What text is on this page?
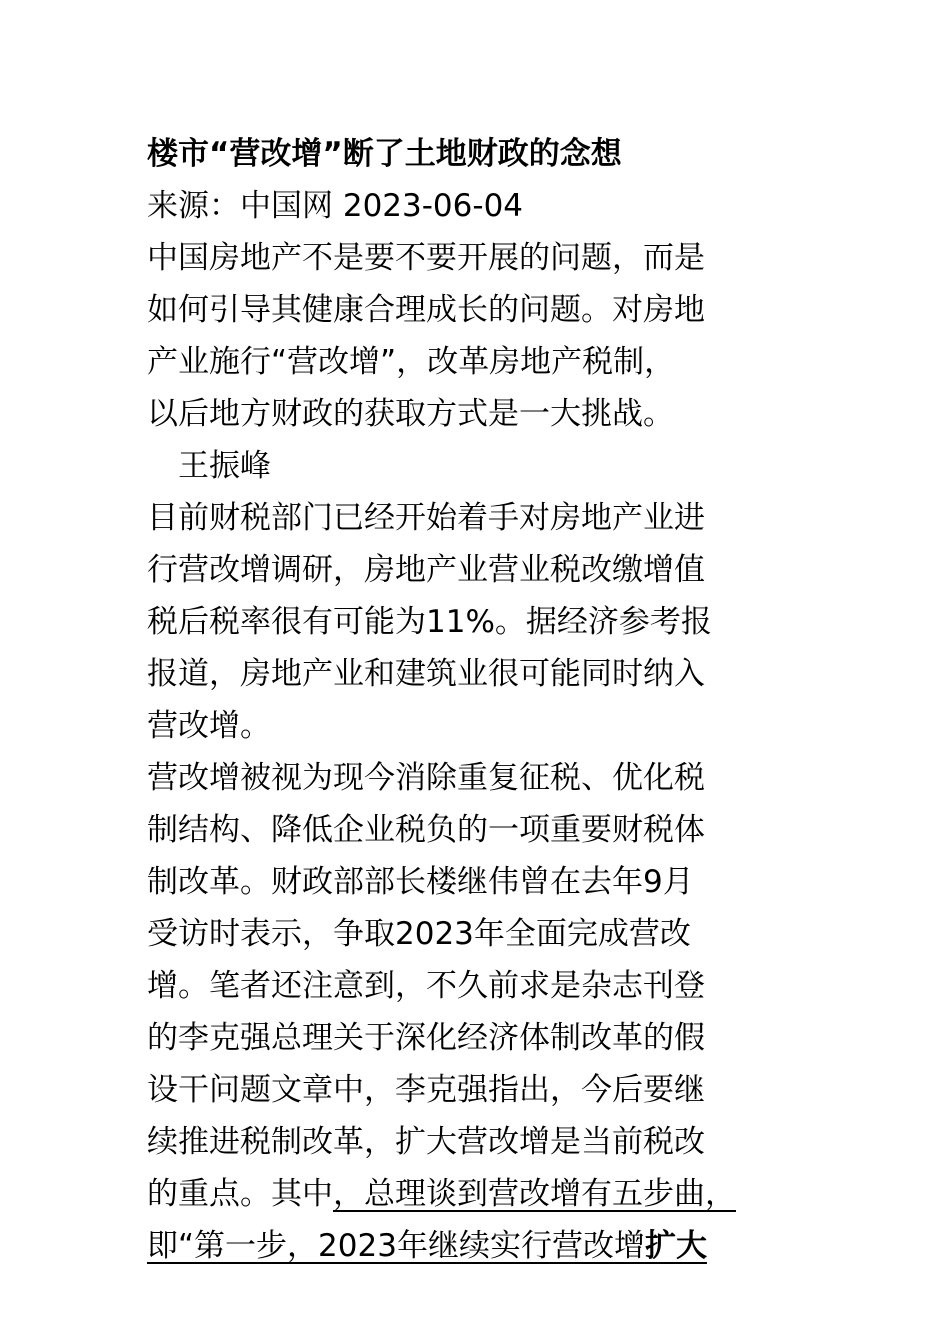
楼市“营改增”断了土地财政的念想
来源：中国网 2023-06-04
中国房地产不是要不要开展的问题，而是
如何引导其健康合理成长的问题。对房地
产业施行“营改增”，改革房地产税制，
以后地方财政的获取方式是一大挑战。
王振峰
目前财税部门已经开始着手对房地产业进
行营改增调研，房地产业营业税改缴增值
税后税率很有可能为11%。据经济参考报
报道，房地产业和建筑业很可能同时纳入
营改增。
营改增被视为现今消除重复征税、优化税
制结构、降低企业税负的一项重要财税体
制改革。财政部部长楼继伟曾在去年9月
受访时表示，争取2023年全面完成营改
增。笔者还注意到，不久前求是杂志刊登
的李克强总理关于深化经济体制改革的假
设干问题文章中，李克强指出，今后要继
续推进税制改革，扩大营改增是当前税改
的重点。其中，总理谈到营改增有五步曲，
即“第一步，2023年继续实行营改增扩大
